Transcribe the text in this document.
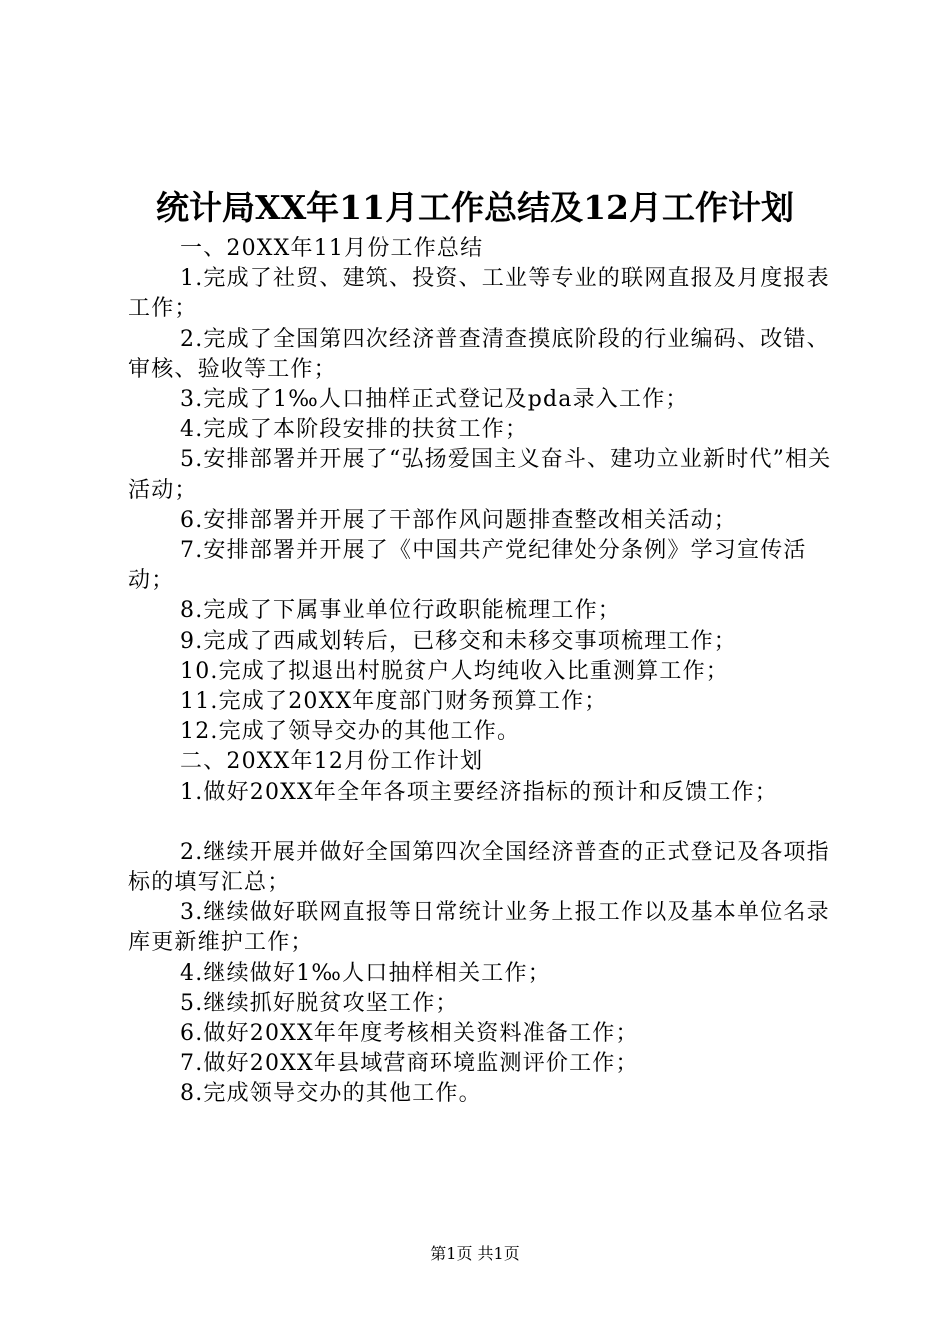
统计局XX年11月工作总结及12月工作计划

一、20XX年11月份工作总结

1.完成了社贸、建筑、投资、工业等专业的联网直报及月度报表工作；

2.完成了全国第四次经济普查清查摸底阶段的行业编码、改错、审核、验收等工作；

3.完成了1‰人口抽样正式登记及pda录入工作；

4.完成了本阶段安排的扶贫工作；

5.安排部署并开展了“弘扬爱国主义奋斗、建功立业新时代”相关活动；

6.安排部署并开展了干部作风问题排查整改相关活动；

7.安排部署并开展了《中国共产党纪律处分条例》学习宣传活动；

8.完成了下属事业单位行政职能梳理工作；

9.完成了西咸划转后，已移交和未移交事项梳理工作；

10.完成了拟退出村脱贫户人均纯收入比重测算工作；

11.完成了20XX年度部门财务预算工作；

12.完成了领导交办的其他工作。

二、20XX年12月份工作计划

1.做好20XX年全年各项主要经济指标的预计和反馈工作；

2.继续开展并做好全国第四次全国经济普查的正式登记及各项指标的填写汇总；

3.继续做好联网直报等日常统计业务上报工作以及基本单位名录库更新维护工作；

4.继续做好1‰人口抽样相关工作；

5.继续抓好脱贫攻坚工作；

6.做好20XX年年度考核相关资料准备工作；

7.做好20XX年县域营商环境监测评价工作；

8.完成领导交办的其他工作。

第1页 共1页
